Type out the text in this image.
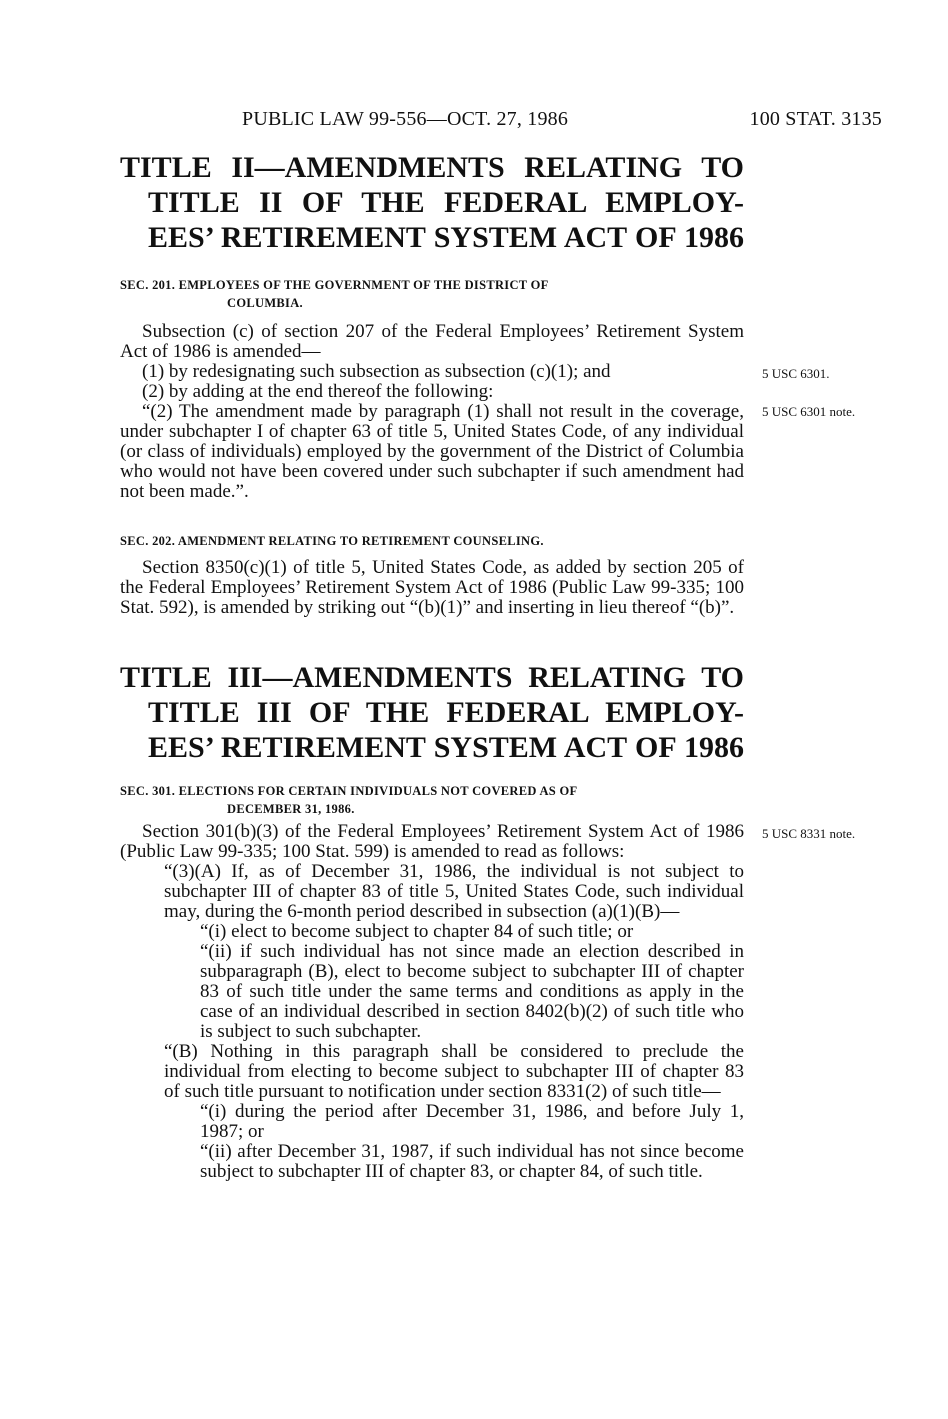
PUBLIC LAW 99-556—OCT. 27, 1986	100 STAT. 3135
TITLE II—AMENDMENTS RELATING TO
TITLE II OF THE FEDERAL EMPLOY-
EES’ RETIREMENT SYSTEM ACT OF 1986
SEC. 201. EMPLOYEES OF THE GOVERNMENT OF THE DISTRICT OF
COLUMBIA.

Subsection (c) of section 207 of the Federal Employees’ Retirement System Act of 1986 is amended—

(1) by redesignating such subsection as subsection (c)(1); and

(2) by adding at the end thereof the following:

“(2) The amendment made by paragraph (1) shall not result in the coverage, under subchapter I of chapter 63 of title 5, United States Code, of any individual (or class of individuals) employed by the government of the District of Columbia who would not have been covered under such subchapter if such amendment had not been made.”.

5 USC 6301.
5 USC 6301 note.
SEC. 202. AMENDMENT RELATING TO RETIREMENT COUNSELING.

Section 8350(c)(1) of title 5, United States Code, as added by section 205 of the Federal Employees’ Retirement System Act of 1986 (Public Law 99-335; 100 Stat. 592), is amended by striking out “(b)(1)” and inserting in lieu thereof “(b)”.

TITLE III—AMENDMENTS RELATING TO
TITLE III OF THE FEDERAL EMPLOY-
EES’ RETIREMENT SYSTEM ACT OF 1986
SEC. 301. ELECTIONS FOR CERTAIN INDIVIDUALS NOT COVERED AS OF
DECEMBER 31, 1986.
5 USC 8331 note.

Section 301(b)(3) of the Federal Employees’ Retirement System Act of 1986 (Public Law 99-335; 100 Stat. 599) is amended to read as follows:

“(3)(A) If, as of December 31, 1986, the individual is not subject to subchapter III of chapter 83 of title 5, United States Code, such individual may, during the 6-month period described in subsection (a)(1)(B)—

“(i) elect to become subject to chapter 84 of such title; or

“(ii) if such individual has not since made an election described in subparagraph (B), elect to become subject to subchapter III of chapter 83 of such title under the same terms and conditions as apply in the case of an individual described in section 8402(b)(2) of such title who is subject to such subchapter.

“(B) Nothing in this paragraph shall be considered to preclude the individual from electing to become subject to subchapter III of chapter 83 of such title pursuant to notification under section 8331(2) of such title—

“(i) during the period after December 31, 1986, and before July 1, 1987; or

“(ii) after December 31, 1987, if such individual has not since become subject to subchapter III of chapter 83, or chapter 84, of such title.
